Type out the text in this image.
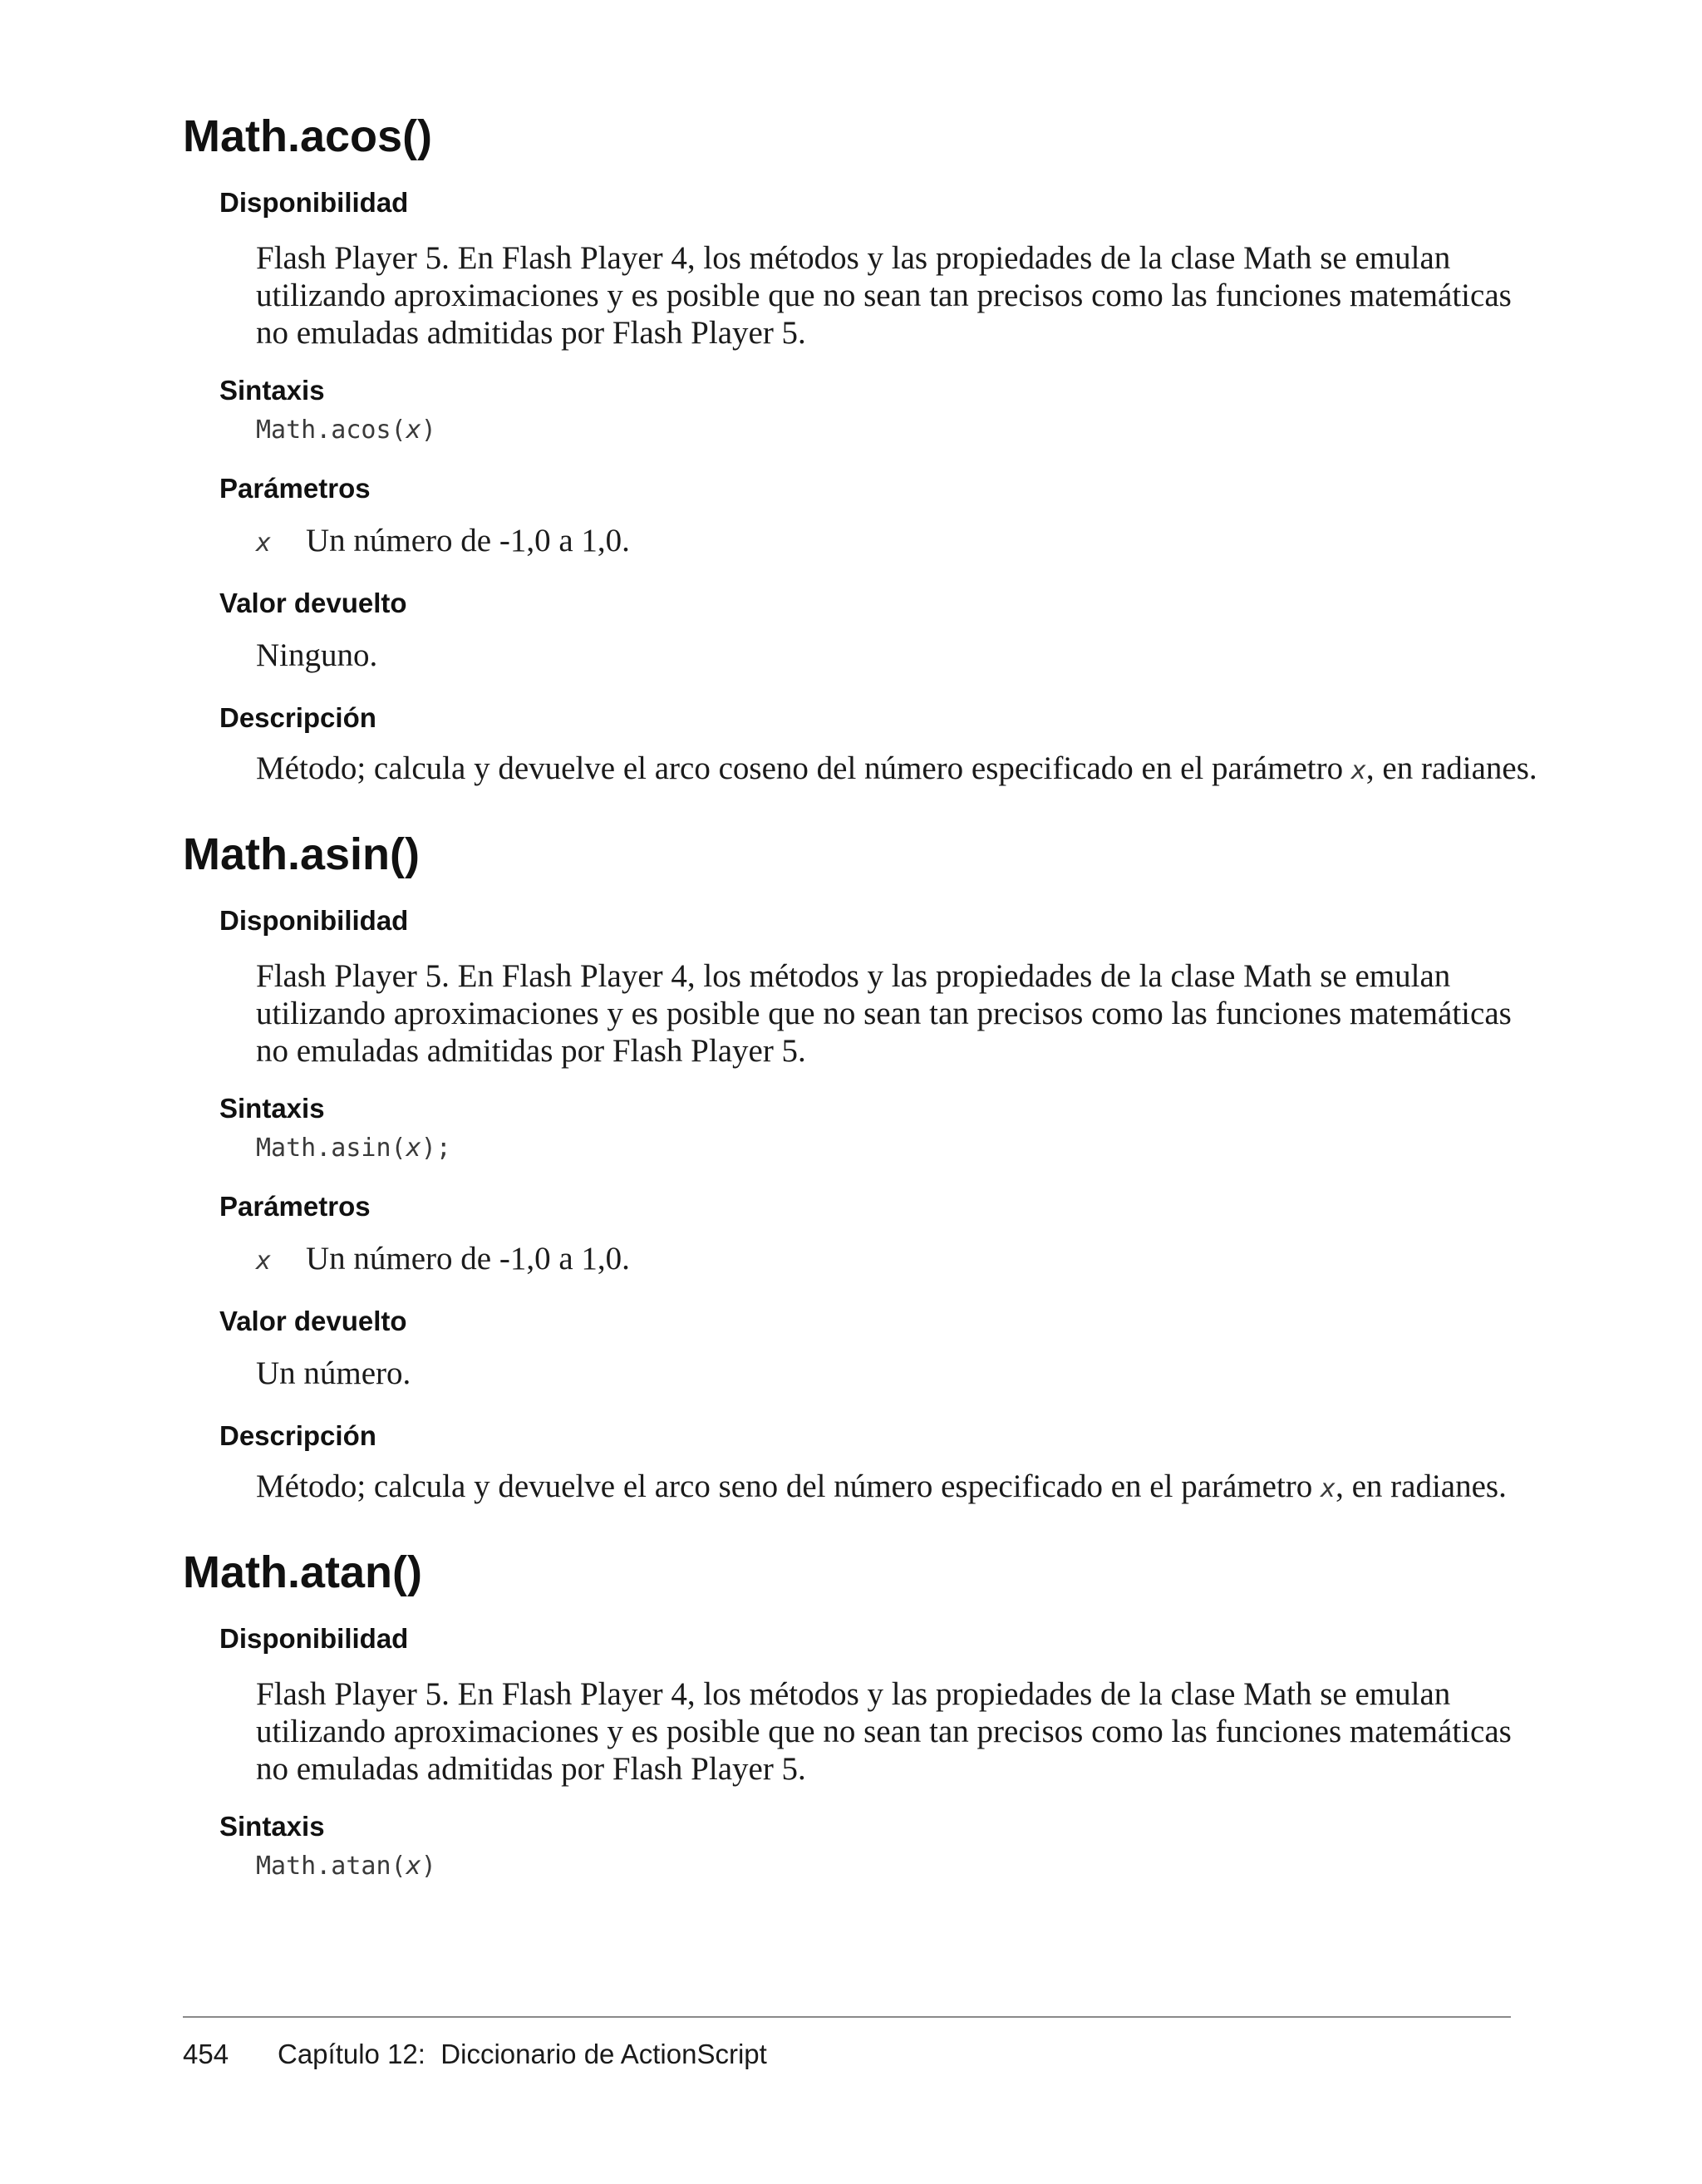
Math.acos()
Disponibilidad

Flash Player 5. En Flash Player 4, los métodos y las propiedades de la clase Math se emulan

utilizando aproximaciones y es posible que no sean tan precisos como las funciones matemáticas

no emuladas admitidas por Flash Player 5.

Sintaxis
Math.acos(x)
Parámetros
x Un número de -1,0 a 1,0.
Valor devuelto
Ninguno.
Descripción
Método; calcula y devuelve el arco coseno del número especificado en el parámetro x, en radianes.
Math.asin()
Disponibilidad

Flash Player 5. En Flash Player 4, los métodos y las propiedades de la clase Math se emulan

utilizando aproximaciones y es posible que no sean tan precisos como las funciones matemáticas

no emuladas admitidas por Flash Player 5.

Sintaxis
Math.asin(x);
Parámetros
x Un número de -1,0 a 1,0.
Valor devuelto
Un número.
Descripción
Método; calcula y devuelve el arco seno del número especificado en el parámetro x, en radianes.
Math.atan()
Disponibilidad

Flash Player 5. En Flash Player 4, los métodos y las propiedades de la clase Math se emulan

utilizando aproximaciones y es posible que no sean tan precisos como las funciones matemáticas

no emuladas admitidas por Flash Player 5.

Sintaxis
Math.atan(x)
454 Capítulo 12:  Diccionario de ActionScript
